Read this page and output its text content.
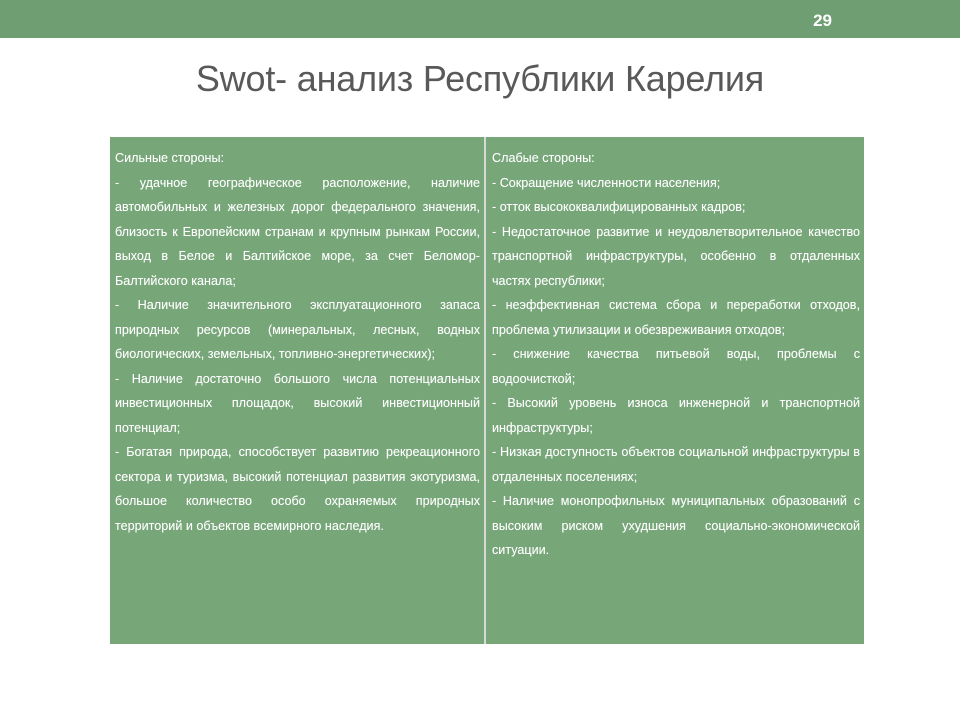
29
Swot- анализ Республики Карелия
Сильные стороны:
- удачное географическое расположение, наличие автомобильных и железных дорог федерального значения, близость к Европейским странам и крупным рынкам России, выход в Белое и Балтийское море, за счет Беломор-Балтийского канала;
- Наличие значительного эксплуатационного запаса природных ресурсов (минеральных, лесных, водных биологических, земельных, топливно-энергетических);
- Наличие достаточно большого числа потенциальных инвестиционных площадок, высокий инвестиционный потенциал;
- Богатая природа, способствует развитию рекреационного сектора и туризма, высокий потенциал развития экотуризма, большое количество особо охраняемых природных территорий и объектов всемирного наследия.
Слабые стороны:
- Сокращение численности населения;
- отток высококвалифицированных кадров;
- Недостаточное развитие и неудовлетворительное качество транспортной инфраструктуры, особенно в отдаленных частях республики;
- неэффективная система сбора и переработки отходов, проблема утилизации и обезвреживания отходов;
- снижение качества питьевой воды, проблемы с водоочисткой;
- Высокий уровень износа инженерной и транспортной инфраструктуры;
- Низкая доступность объектов социальной инфраструктуры в отдаленных поселениях;
- Наличие монопрофильных муниципальных образований с высоким риском ухудшения социально-экономической ситуации.
